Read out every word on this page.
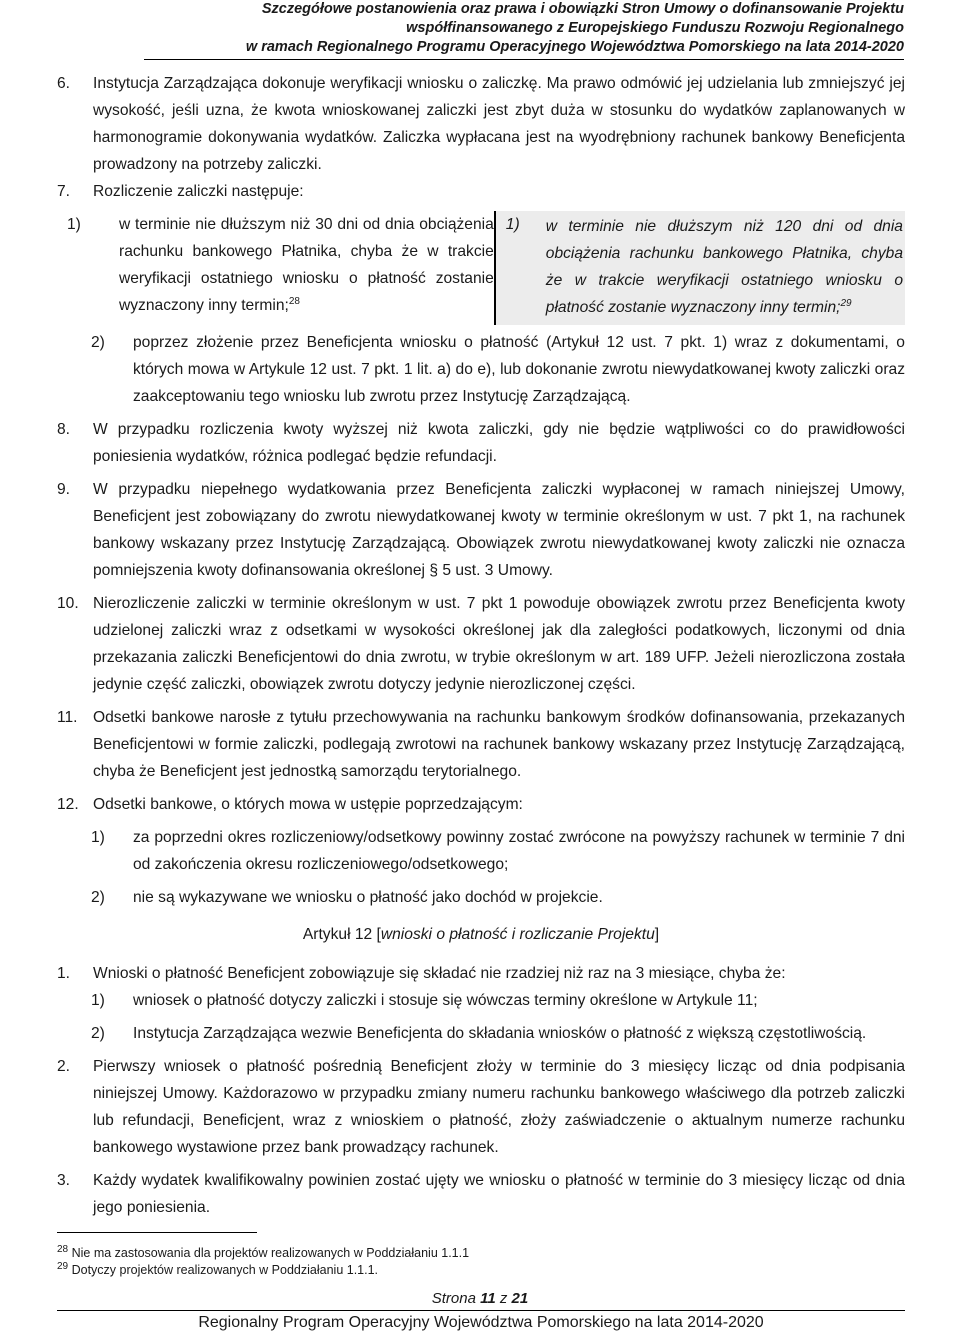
Szczegółowe postanowienia oraz prawa i obowiązki Stron Umowy o dofinansowanie Projektu
współfinansowanego z Europejskiego Funduszu Rozwoju Regionalnego
w ramach Regionalnego Programu Operacyjnego Województwa Pomorskiego na lata 2014-2020
6. Instytucja Zarządzająca dokonuje weryfikacji wniosku o zaliczkę. Ma prawo odmówić jej udzielania lub zmniejszyć jej wysokość, jeśli uzna, że kwota wnioskowanej zaliczki jest zbyt duża w stosunku do wydatków zaplanowanych w harmonogramie dokonywania wydatków. Zaliczka wypłacana jest na wyodrębniony rachunek bankowy Beneficjenta prowadzony na potrzeby zaliczki.
7. Rozliczenie zaliczki następuje:
1) w terminie nie dłuższym niż 30 dni od dnia obciążenia rachunku bankowego Płatnika, chyba że w trakcie weryfikacji ostatniego wniosku o płatność zostanie wyznaczony inny termin;$^{28}$
1) w terminie nie dłuższym niż 120 dni od dnia obciążenia rachunku bankowego Płatnika, chyba że w trakcie weryfikacji ostatniego wniosku o płatność zostanie wyznaczony inny termin;$^{29}$
2) poprzez złożenie przez Beneficjenta wniosku o płatność (Artykuł 12 ust. 7 pkt. 1) wraz z dokumentami, o których mowa w Artykule 12 ust. 7 pkt. 1 lit. a) do e), lub dokonanie zwrotu niewydatkowanej kwoty zaliczki oraz zaakceptowaniu tego wniosku lub zwrotu przez Instytucję Zarządzającą.
8. W przypadku rozliczenia kwoty wyższej niż kwota zaliczki, gdy nie będzie wątpliwości co do prawidłowości poniesienia wydatków, różnica podlegać będzie refundacji.
9. W przypadku niepełnego wydatkowania przez Beneficjenta zaliczki wypłaconej w ramach niniejszej Umowy, Beneficjent jest zobowiązany do zwrotu niewydatkowanej kwoty w terminie określonym w ust. 7 pkt 1, na rachunek bankowy wskazany przez Instytucję Zarządzającą. Obowiązek zwrotu niewydatkowanej kwoty zaliczki nie oznacza pomniejszenia kwoty dofinansowania określonej § 5 ust. 3 Umowy.
10. Nierozliczenie zaliczki w terminie określonym w ust. 7 pkt 1 powoduje obowiązek zwrotu przez Beneficjenta kwoty udzielonej zaliczki wraz z odsetkami w wysokości określonej jak dla zaległości podatkowych, liczonymi od dnia przekazania zaliczki Beneficjentowi do dnia zwrotu, w trybie określonym w art. 189 UFP. Jeżeli nierozliczona została jedynie część zaliczki, obowiązek zwrotu dotyczy jedynie nierozliczonej części.
11. Odsetki bankowe narosłe z tytułu przechowywania na rachunku bankowym środków dofinansowania, przekazanych Beneficjentowi w formie zaliczki, podlegają zwrotowi na rachunek bankowy wskazany przez Instytucję Zarządzającą, chyba że Beneficjent jest jednostką samorządu terytorialnego.
12. Odsetki bankowe, o których mowa w ustępie poprzedzającym:
1) za poprzedni okres rozliczeniowy/odsetkowy powinny zostać zwrócone na powyższy rachunek w terminie 7 dni od zakończenia okresu rozliczeniowego/odsetkowego;
2) nie są wykazywane we wniosku o płatność jako dochód w projekcie.
Artykuł 12 [wnioski o płatność i rozliczanie Projektu]
1. Wnioski o płatność Beneficjent zobowiązuje się składać nie rzadziej niż raz na 3 miesiące, chyba że:
1) wniosek o płatność dotyczy zaliczki i stosuje się wówczas terminy określone w Artykule 11;
2) Instytucja Zarządzająca wezwie Beneficjenta do składania wniosków o płatność z większą częstotliwością.
2. Pierwszy wniosek o płatność pośrednią Beneficjent złoży w terminie do 3 miesięcy licząc od dnia podpisania niniejszej Umowy. Każdorazowo w przypadku zmiany numeru rachunku bankowego właściwego dla potrzeb zaliczki lub refundacji, Beneficjent, wraz z wnioskiem o płatność, złoży zaświadczenie o aktualnym numerze rachunku bankowego wystawione przez bank prowadzący rachunek.
3. Każdy wydatek kwalifikowalny powinien zostać ujęty we wniosku o płatność w terminie do 3 miesięcy licząc od dnia jego poniesienia.
$^{28}$ Nie ma zastosowania dla projektów realizowanych w Poddziałaniu 1.1.1
$^{29}$ Dotyczy projektów realizowanych w Poddziałaniu 1.1.1.
Strona 11 z 21
Regionalny Program Operacyjny Województwa Pomorskiego na lata 2014-2020
